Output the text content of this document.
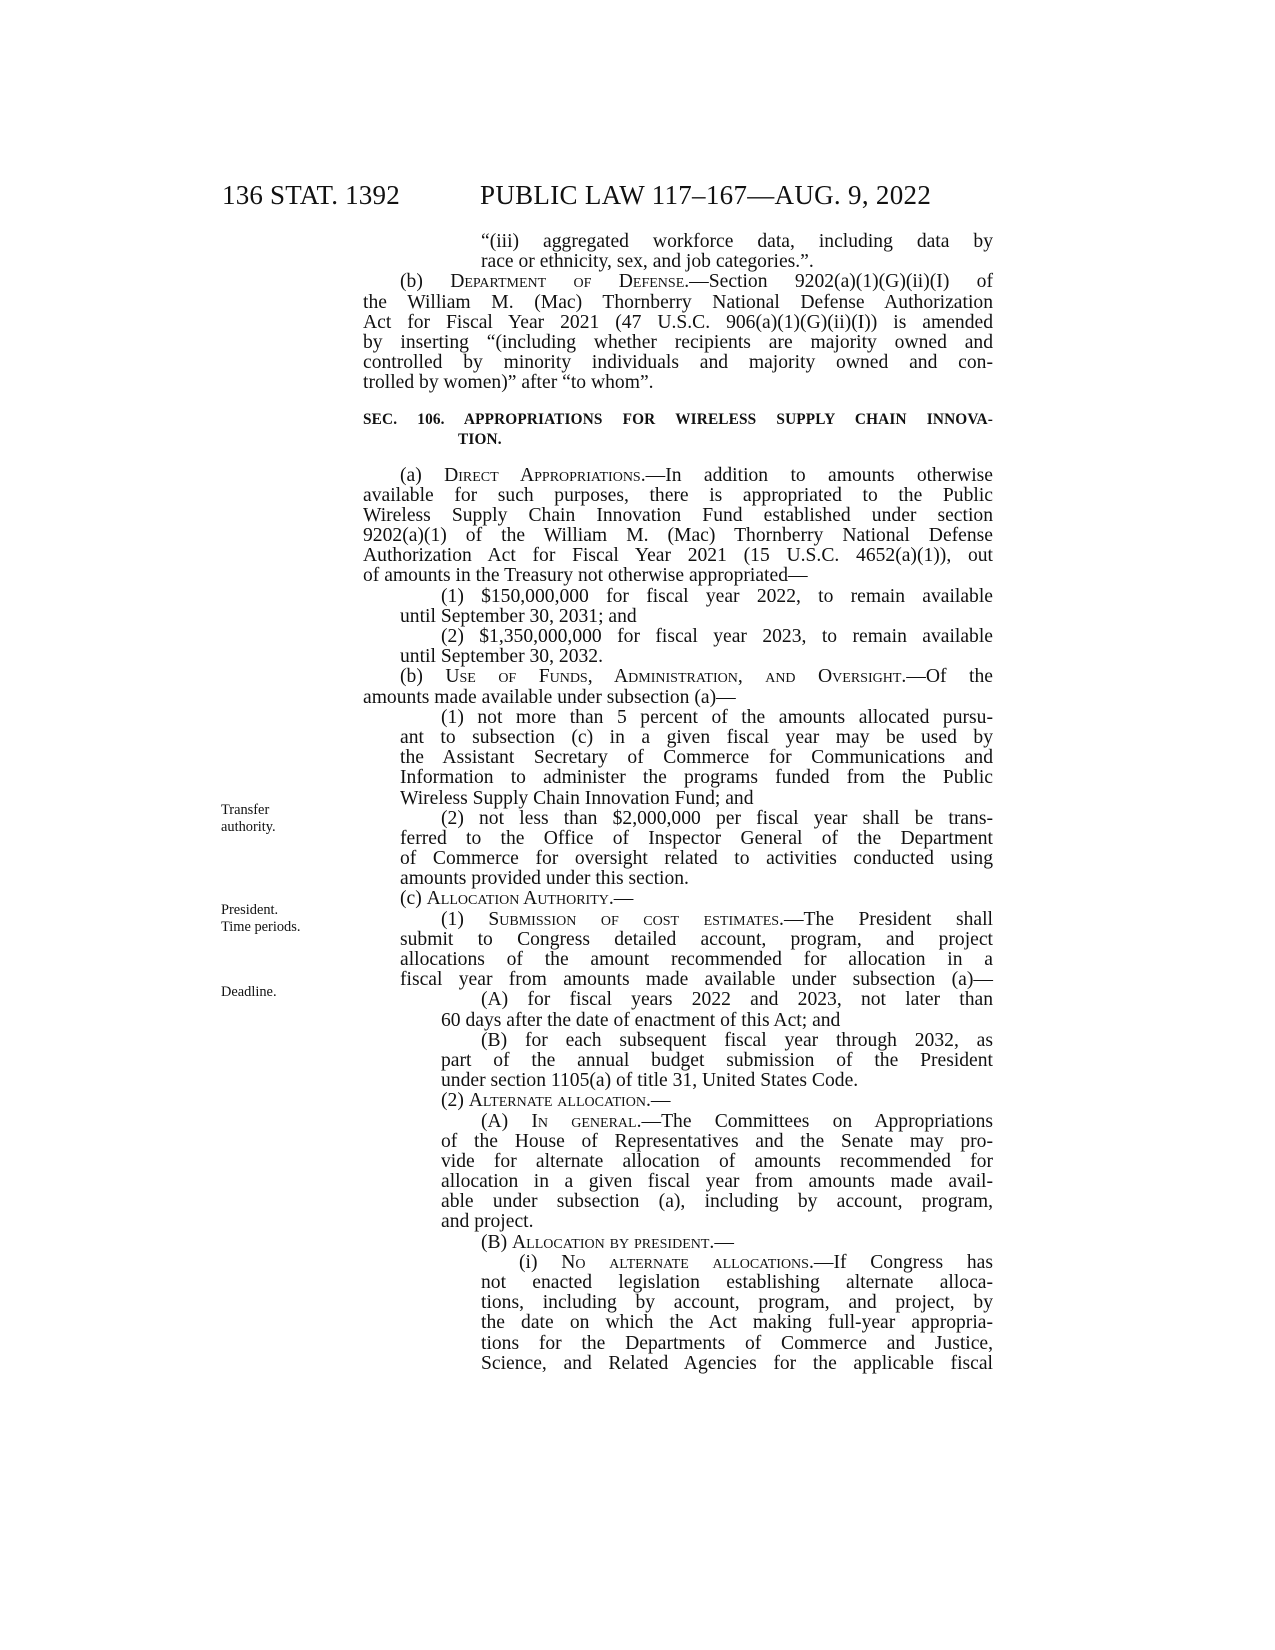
136 STAT. 1392	PUBLIC LAW 117–167—AUG. 9, 2022
Transfer
authority.
President.
Time periods.
Deadline.
“(iii) aggregated workforce data, including data by
race or ethnicity, sex, and job categories.”.
(b) Department of Defense.—Section 9202(a)(1)(G)(ii)(I) of
the William M. (Mac) Thornberry National Defense Authorization
Act for Fiscal Year 2021 (47 U.S.C. 906(a)(1)(G)(ii)(I)) is amended
by inserting “(including whether recipients are majority owned and
controlled by minority individuals and majority owned and con-
trolled by women)” after “to whom”.
SEC. 106. APPROPRIATIONS FOR WIRELESS SUPPLY CHAIN INNOVA-
TION.
(a) Direct Appropriations.—In addition to amounts otherwise
available for such purposes, there is appropriated to the Public
Wireless Supply Chain Innovation Fund established under section
9202(a)(1) of the William M. (Mac) Thornberry National Defense
Authorization Act for Fiscal Year 2021 (15 U.S.C. 4652(a)(1)), out
of amounts in the Treasury not otherwise appropriated—
(1) $150,000,000 for fiscal year 2022, to remain available
until September 30, 2031; and
(2) $1,350,000,000 for fiscal year 2023, to remain available
until September 30, 2032.
(b) Use of Funds, Administration, and Oversight.—Of the
amounts made available under subsection (a)—
(1) not more than 5 percent of the amounts allocated pursu-
ant to subsection (c) in a given fiscal year may be used by
the Assistant Secretary of Commerce for Communications and
Information to administer the programs funded from the Public
Wireless Supply Chain Innovation Fund; and
(2) not less than $2,000,000 per fiscal year shall be trans-
ferred to the Office of Inspector General of the Department
of Commerce for oversight related to activities conducted using
amounts provided under this section.
(c) Allocation Authority.—
(1) Submission of cost estimates.—The President shall
submit to Congress detailed account, program, and project
allocations of the amount recommended for allocation in a
fiscal year from amounts made available under subsection (a)—
(A) for fiscal years 2022 and 2023, not later than
60 days after the date of enactment of this Act; and
(B) for each subsequent fiscal year through 2032, as
part of the annual budget submission of the President
under section 1105(a) of title 31, United States Code.
(2) Alternate allocation.—
(A) In general.—The Committees on Appropriations
of the House of Representatives and the Senate may pro-
vide for alternate allocation of amounts recommended for
allocation in a given fiscal year from amounts made avail-
able under subsection (a), including by account, program,
and project.
(B) Allocation by president.—
(i) No alternate allocations.—If Congress has
not enacted legislation establishing alternate alloca-
tions, including by account, program, and project, by
the date on which the Act making full-year appropria-
tions for the Departments of Commerce and Justice,
Science, and Related Agencies for the applicable fiscal
